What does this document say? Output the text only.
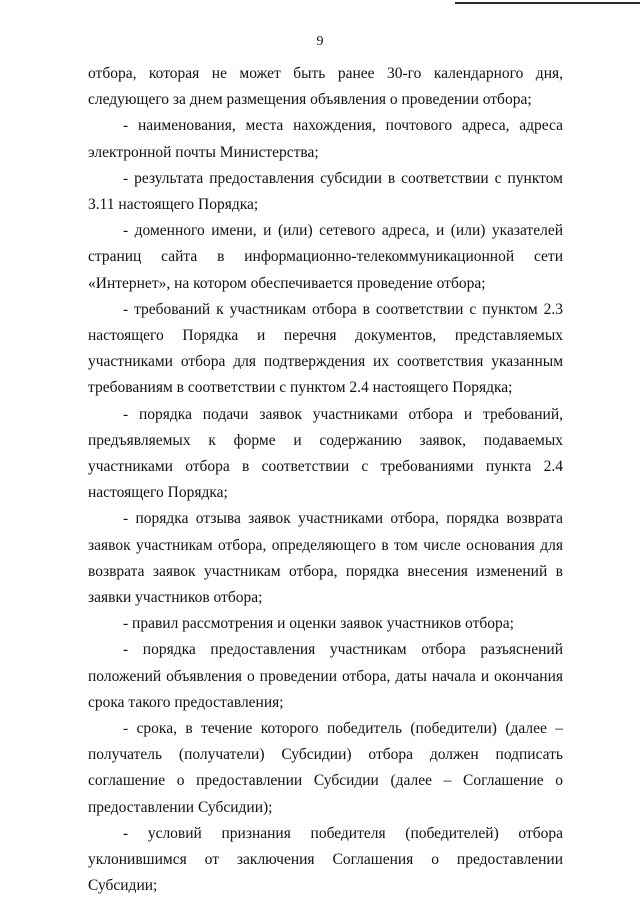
9

отбора, которая не может быть ранее 30-го календарного дня, следующего за днем размещения объявления о проведении отбора;

- наименования, места нахождения, почтового адреса, адреса электронной почты Министерства;

- результата предоставления субсидии в соответствии с пунктом 3.11 настоящего Порядка;

- доменного имени, и (или) сетевого адреса, и (или) указателей страниц сайта в информационно-телекоммуникационной сети «Интернет», на котором обеспечивается проведение отбора;

- требований к участникам отбора в соответствии с пунктом 2.3 настоящего Порядка и перечня документов, представляемых участниками отбора для подтверждения их соответствия указанным требованиям в соответствии с пунктом 2.4 настоящего Порядка;

- порядка подачи заявок участниками отбора и требований, предъявляемых к форме и содержанию заявок, подаваемых участниками отбора в соответствии с требованиями пункта 2.4 настоящего Порядка;

- порядка отзыва заявок участниками отбора, порядка возврата заявок участникам отбора, определяющего в том числе основания для возврата заявок участникам отбора, порядка внесения изменений в заявки участников отбора;

- правил рассмотрения и оценки заявок участников отбора;

- порядка предоставления участникам отбора разъяснений положений объявления о проведении отбора, даты начала и окончания срока такого предоставления;

- срока, в течение которого победитель (победители) (далее – получатель (получатели) Субсидии) отбора должен подписать соглашение о предоставлении Субсидии (далее – Соглашение о предоставлении Субсидии);

- условий признания победителя (победителей) отбора уклонившимся от заключения Соглашения о предоставлении Субсидии;
